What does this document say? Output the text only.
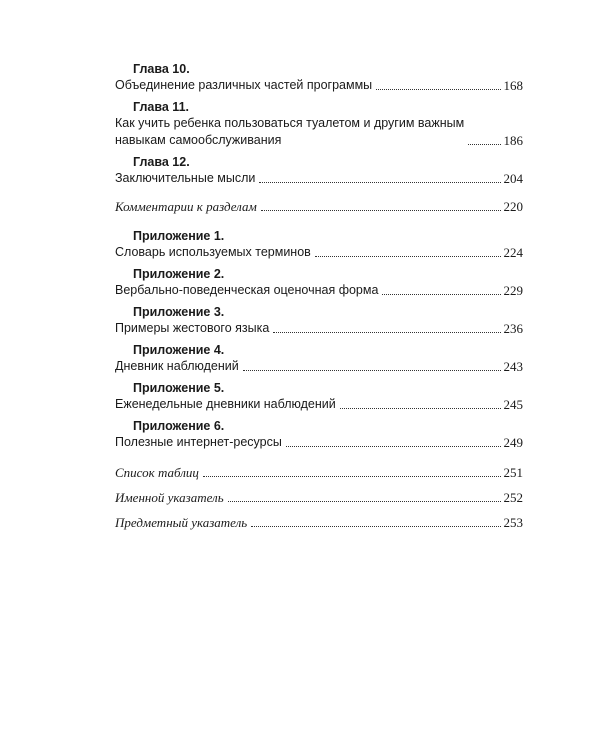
Глава 10.
Объединение различных частей программы	168
Глава 11.
Как учить ребенка пользоваться туалетом и другим важным
навыкам самообслуживания	186
Глава 12.
Заключительные мысли	204
Комментарии к разделам	220
Приложение 1.
Словарь используемых терминов	224
Приложение 2.
Вербально-поведенческая оценочная форма	229
Приложение 3.
Примеры жестового языка	236
Приложение 4.
Дневник наблюдений	243
Приложение 5.
Еженедельные дневники наблюдений	245
Приложение 6.
Полезные интернет-ресурсы	249
Список таблиц	251
Именной указатель	252
Предметный указатель	253
